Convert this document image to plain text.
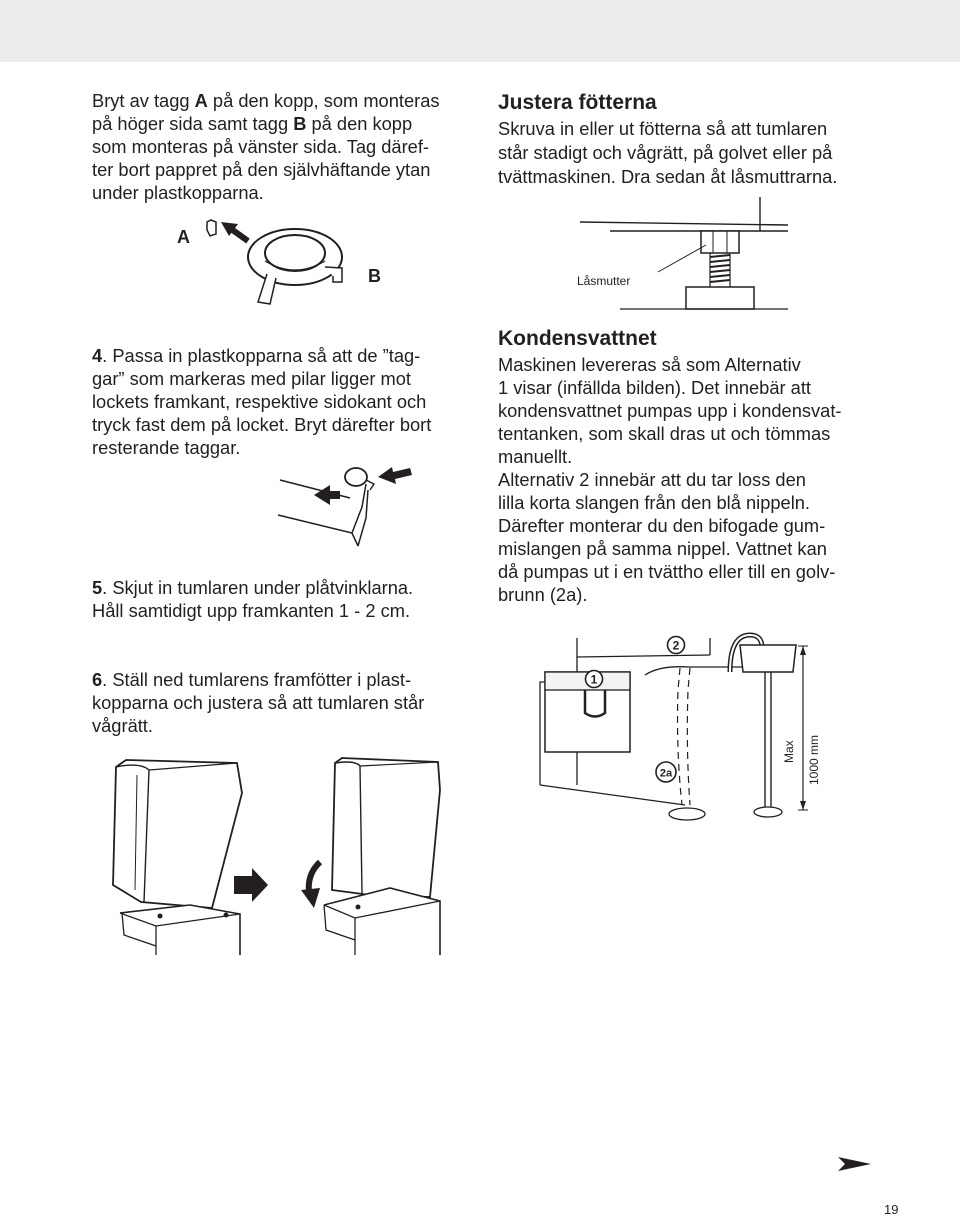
Bryt av tagg A på den kopp, som monteras

på höger sida samt tagg B på den kopp

som monteras på vänster sida. Tag däref-

ter bort pappret på den självhäftande ytan

under plastkopparna.

A
B

4. Passa in plastkopparna så att de ”tag-

gar” som markeras med pilar ligger mot

lockets framkant, respektive sidokant och

tryck fast dem på locket. Bryt därefter bort

resterande taggar.

5. Skjut in tumlaren under plåtvinklarna.

Håll samtidigt upp framkanten 1 - 2 cm.

6. Ställ ned tumlarens framfötter i plast-

kopparna och justera så att tumlaren står

vågrätt.

Justera fötterna

Skruva in eller ut fötterna så att tumlaren

står stadigt och vågrätt, på golvet eller på

tvättmaskinen. Dra sedan åt låsmuttrarna.

Låsmutter
Kondensvattnet

Maskinen levereras så som Alternativ

1 visar (infällda bilden). Det innebär att

kondensvattnet pumpas upp i kondensvat-

tentanken, som skall dras ut och tömmas

manuellt.

Alternativ 2 innebär att du tar loss den

lilla korta slangen från den blå nippeln.

Därefter monterar du den bifogade gum-

mislangen på samma nippel. Vattnet kan

då pumpas ut i en tvättho eller till en golv-

brunn (2a).

Max 1000 mm
1
2
2a
19
